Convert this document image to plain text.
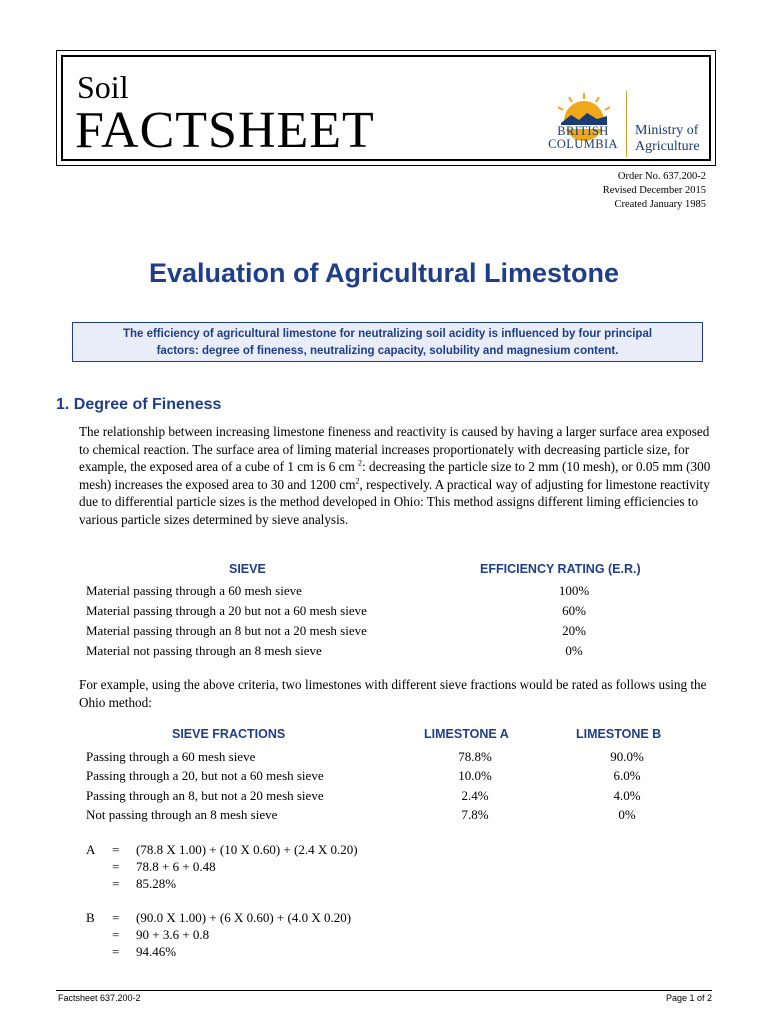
Soil
FACTSHEET	BRITISH
COLUMBIA
Ministry of
Agriculture
Order No. 637.200-2
Revised December 2015
Created January 1985
Evaluation of Agricultural Limestone
The efficiency of agricultural limestone for neutralizing soil acidity is influenced by four principal
factors: degree of fineness, neutralizing capacity, solubility and magnesium content.
1. Degree of Fineness
The relationship between increasing limestone fineness and reactivity is caused by having a larger surface area exposed to chemical reaction. The surface area of liming material increases proportionately with decreasing particle size, for example, the exposed area of a cube of 1 cm is 6 cm $^2$: decreasing the particle size to 2 mm (10 mesh), or 0.05 mm (300 mesh) increases the exposed area to 30 and 1200 $cm^2$, respectively. A practical way of adjusting for limestone reactivity due to differential particle sizes is the method developed in Ohio: This method assigns different liming efficiencies to various particle sizes determined by sieve analysis.
SIEVE	EFFICIENCY RATING (E.R.)
Material passing through a 60 mesh sieve	100%
Material passing through a 20 but not a 60 mesh sieve	60%
Material passing through an 8 but not a 20 mesh sieve	20%
Material not passing through an 8 mesh sieve	0%
For example, using the above criteria, two limestones with different sieve fractions would be rated as follows using the Ohio method:
SIEVE FRACTIONS	LIMESTONE A	LIMESTONE B
Passing through a 60 mesh sieve	78.8%	90.0%
Passing through a 20, but not a 60 mesh sieve	10.0%	6.0%
Passing through an 8, but not a 20 mesh sieve	2.4%	4.0%
Not passing through an 8 mesh sieve	7.8%	0%
A = (78.8 X 1.00) + (10 X 0.60) + (2.4 X 0.20)
= 78.8 + 6 + 0.48
= 85.28%
B = (90.0 X 1.00) + (6 X 0.60) + (4.0 X 0.20)
= 90 + 3.6 + 0.8
= 94.46%
Factsheet 637.200-2	Page 1 of 2
